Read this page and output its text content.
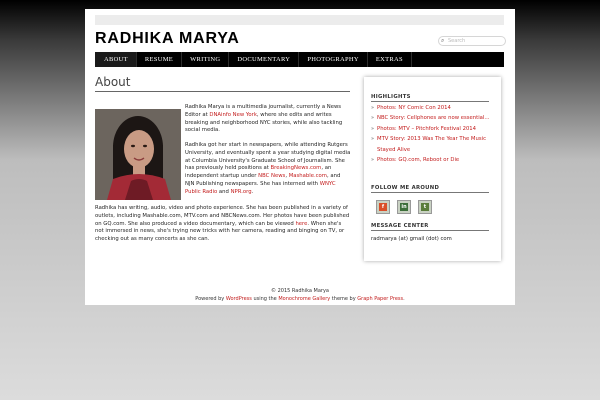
RADHIKA MARYA	⌕ Search
ABOUT	RESUME	WRITING	DOCUMENTARY	PHOTOGRAPHY	EXTRAS
About

Radhika Marya is a multimedia journalist, currently a News Editor at DNAinfo New York, where she edits and writes breaking and neighborhood NYC stories, while also tackling social media.

Radhika got her start in newspapers, while attending Rutgers University, and eventually spent a year studying digital media at Columbia University's Graduate School of Journalism. She has previously held positions at BreakingNews.com, an independent startup under NBC News, Mashable.com, and NJN Publishing newspapers. She has interned with WNYC Public Radio and NPR.org.

Radhika has writing, audio, video and photo experience. She has been published in a variety of outlets, including Mashable.com, MTV.com and NBCNews.com. Her photos have been published on GQ.com. She also produced a video documentary, which can be viewed here. When she's not immersed in news, she's trying new tricks with her camera, reading and binging on TV, or checking out as many concerts as she can.

HIGHLIGHTS
» Photos: NY Comic Con 2014
» NBC Story: Cellphones are now essential...
» Photos: MTV – Pitchfork Festival 2014
» MTV Story: 2013 Was The Year The Music Stayed Alive
» Photos: GQ.com, Reboot or Die
FOLLOW ME AROUND
f	in	t
MESSAGE CENTER
radmarya (at) gmail (dot) com
© 2015 Radhika Marya
Powered by WordPress using the Monochrome Gallery theme by Graph Paper Press.
